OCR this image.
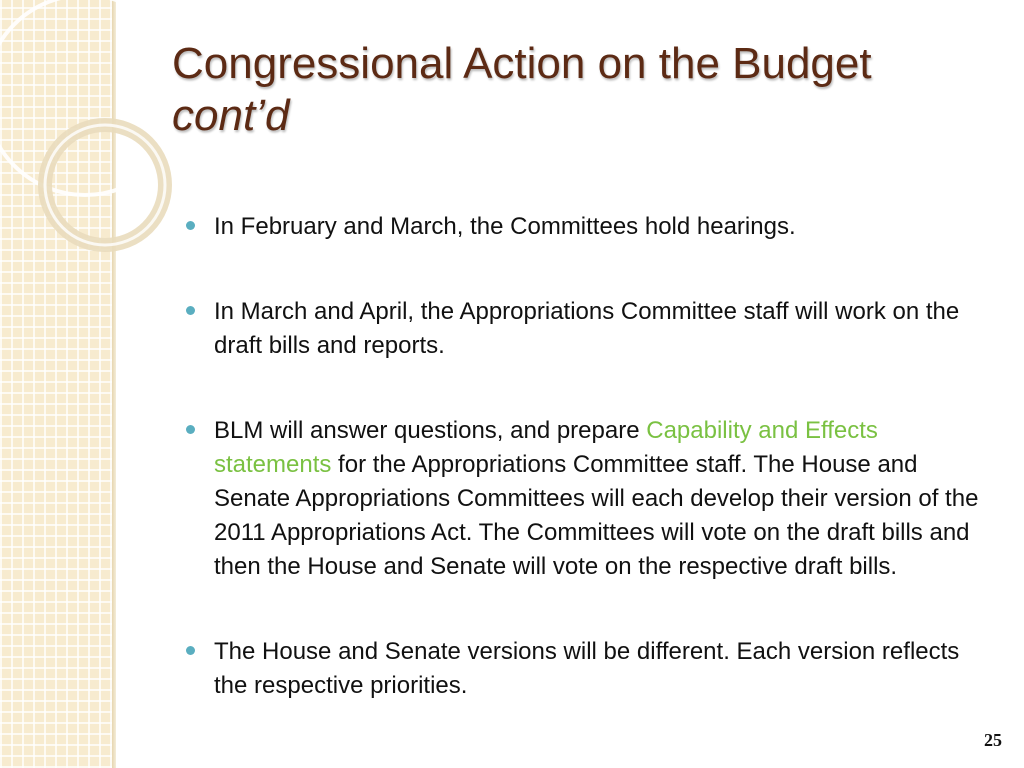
Congressional Action on the Budget
cont’d
In February and March, the Committees hold hearings.
In March and April, the Appropriations Committee staff will work on the draft bills and reports.
BLM will answer questions, and prepare Capability and Effects statements for the Appropriations Committee staff. The House and Senate Appropriations Committees will each develop their version of the 2011 Appropriations Act. The Committees will vote on the draft bills and then the House and Senate will vote on the respective draft bills.
The House and Senate versions will be different. Each version reflects the respective priorities.
25
